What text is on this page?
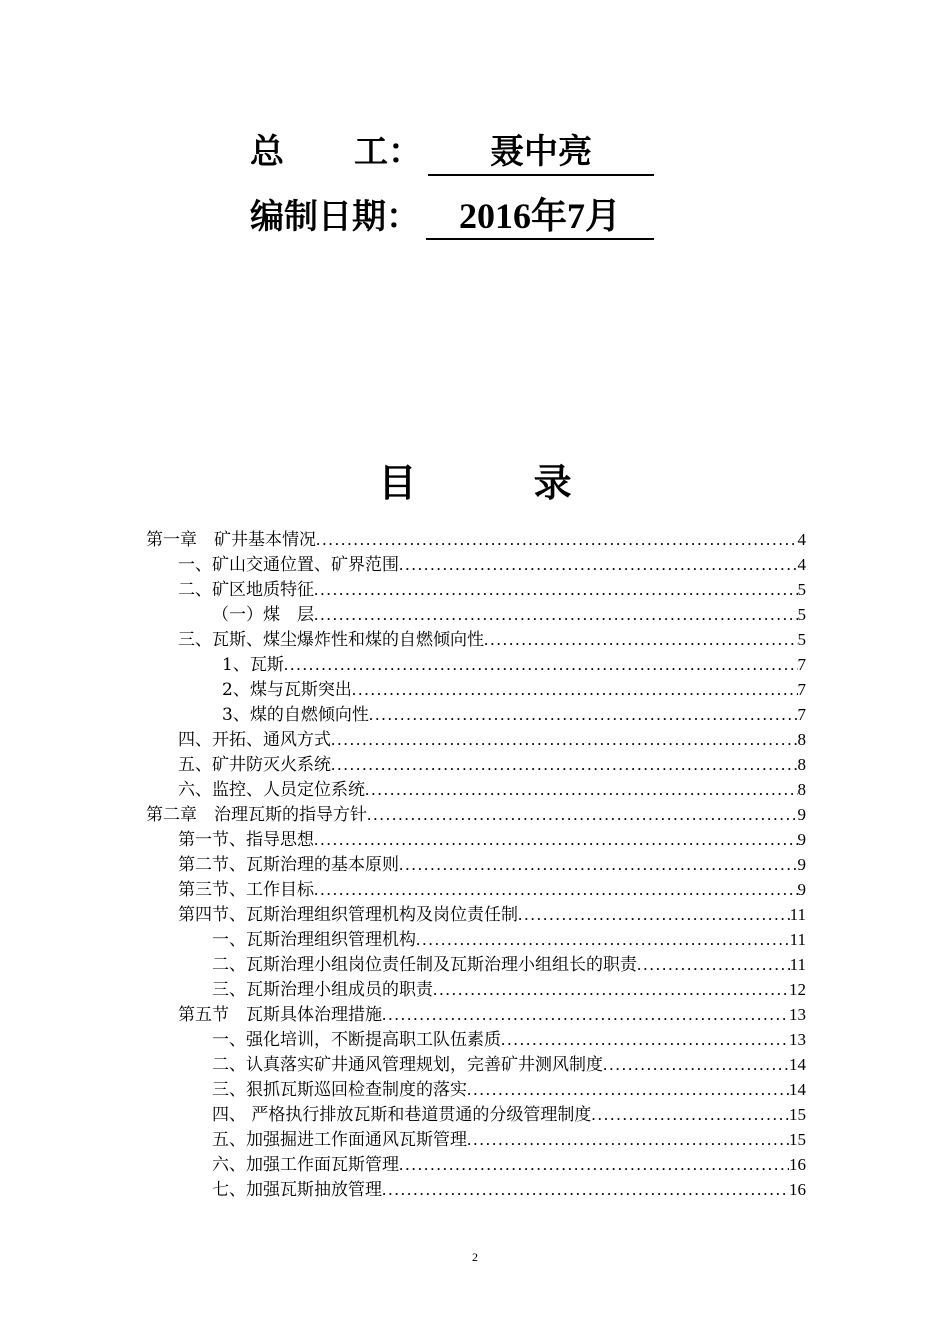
总 工： 聂中亮
编制日期： 2016年7月
目 录
第一章　矿井基本情况 .....	4
一、矿山交通位置、矿界范围 .....	4
二、矿区地质特征 .....	5
（一）煤　层 .....	5
三、瓦斯、煤尘爆炸性和煤的自燃倾向性 .....	5
1、瓦斯 .....	7
2、煤与瓦斯突出 .....	7
3、煤的自燃倾向性 .....	7
四、开拓、通风方式 .....	8
五、矿井防灭火系统 .....	8
六、监控、人员定位系统 .....	8
第二章　治理瓦斯的指导方针 .....	9
第一节、指导思想 .....	9
第二节、瓦斯治理的基本原则 .....	9
第三节、工作目标 .....	9
第四节、瓦斯治理组织管理机构及岗位责任制 .....	11
一、瓦斯治理组织管理机构 .....	11
二、瓦斯治理小组岗位责任制及瓦斯治理小组组长的职责 .....	11
三、瓦斯治理小组成员的职责 .....	12
第五节　瓦斯具体治理措施 .....	13
一、强化培训，不断提高职工队伍素质 .....	13
二、认真落实矿井通风管理规划，完善矿井测风制度 .....	14
三、狠抓瓦斯巡回检查制度的落实 .....	14
四、 严格执行排放瓦斯和巷道贯通的分级管理制度 .....	15
五、加强掘进工作面通风瓦斯管理 .....	15
六、加强工作面瓦斯管理 .....	16
七、加强瓦斯抽放管理 .....	16
2
